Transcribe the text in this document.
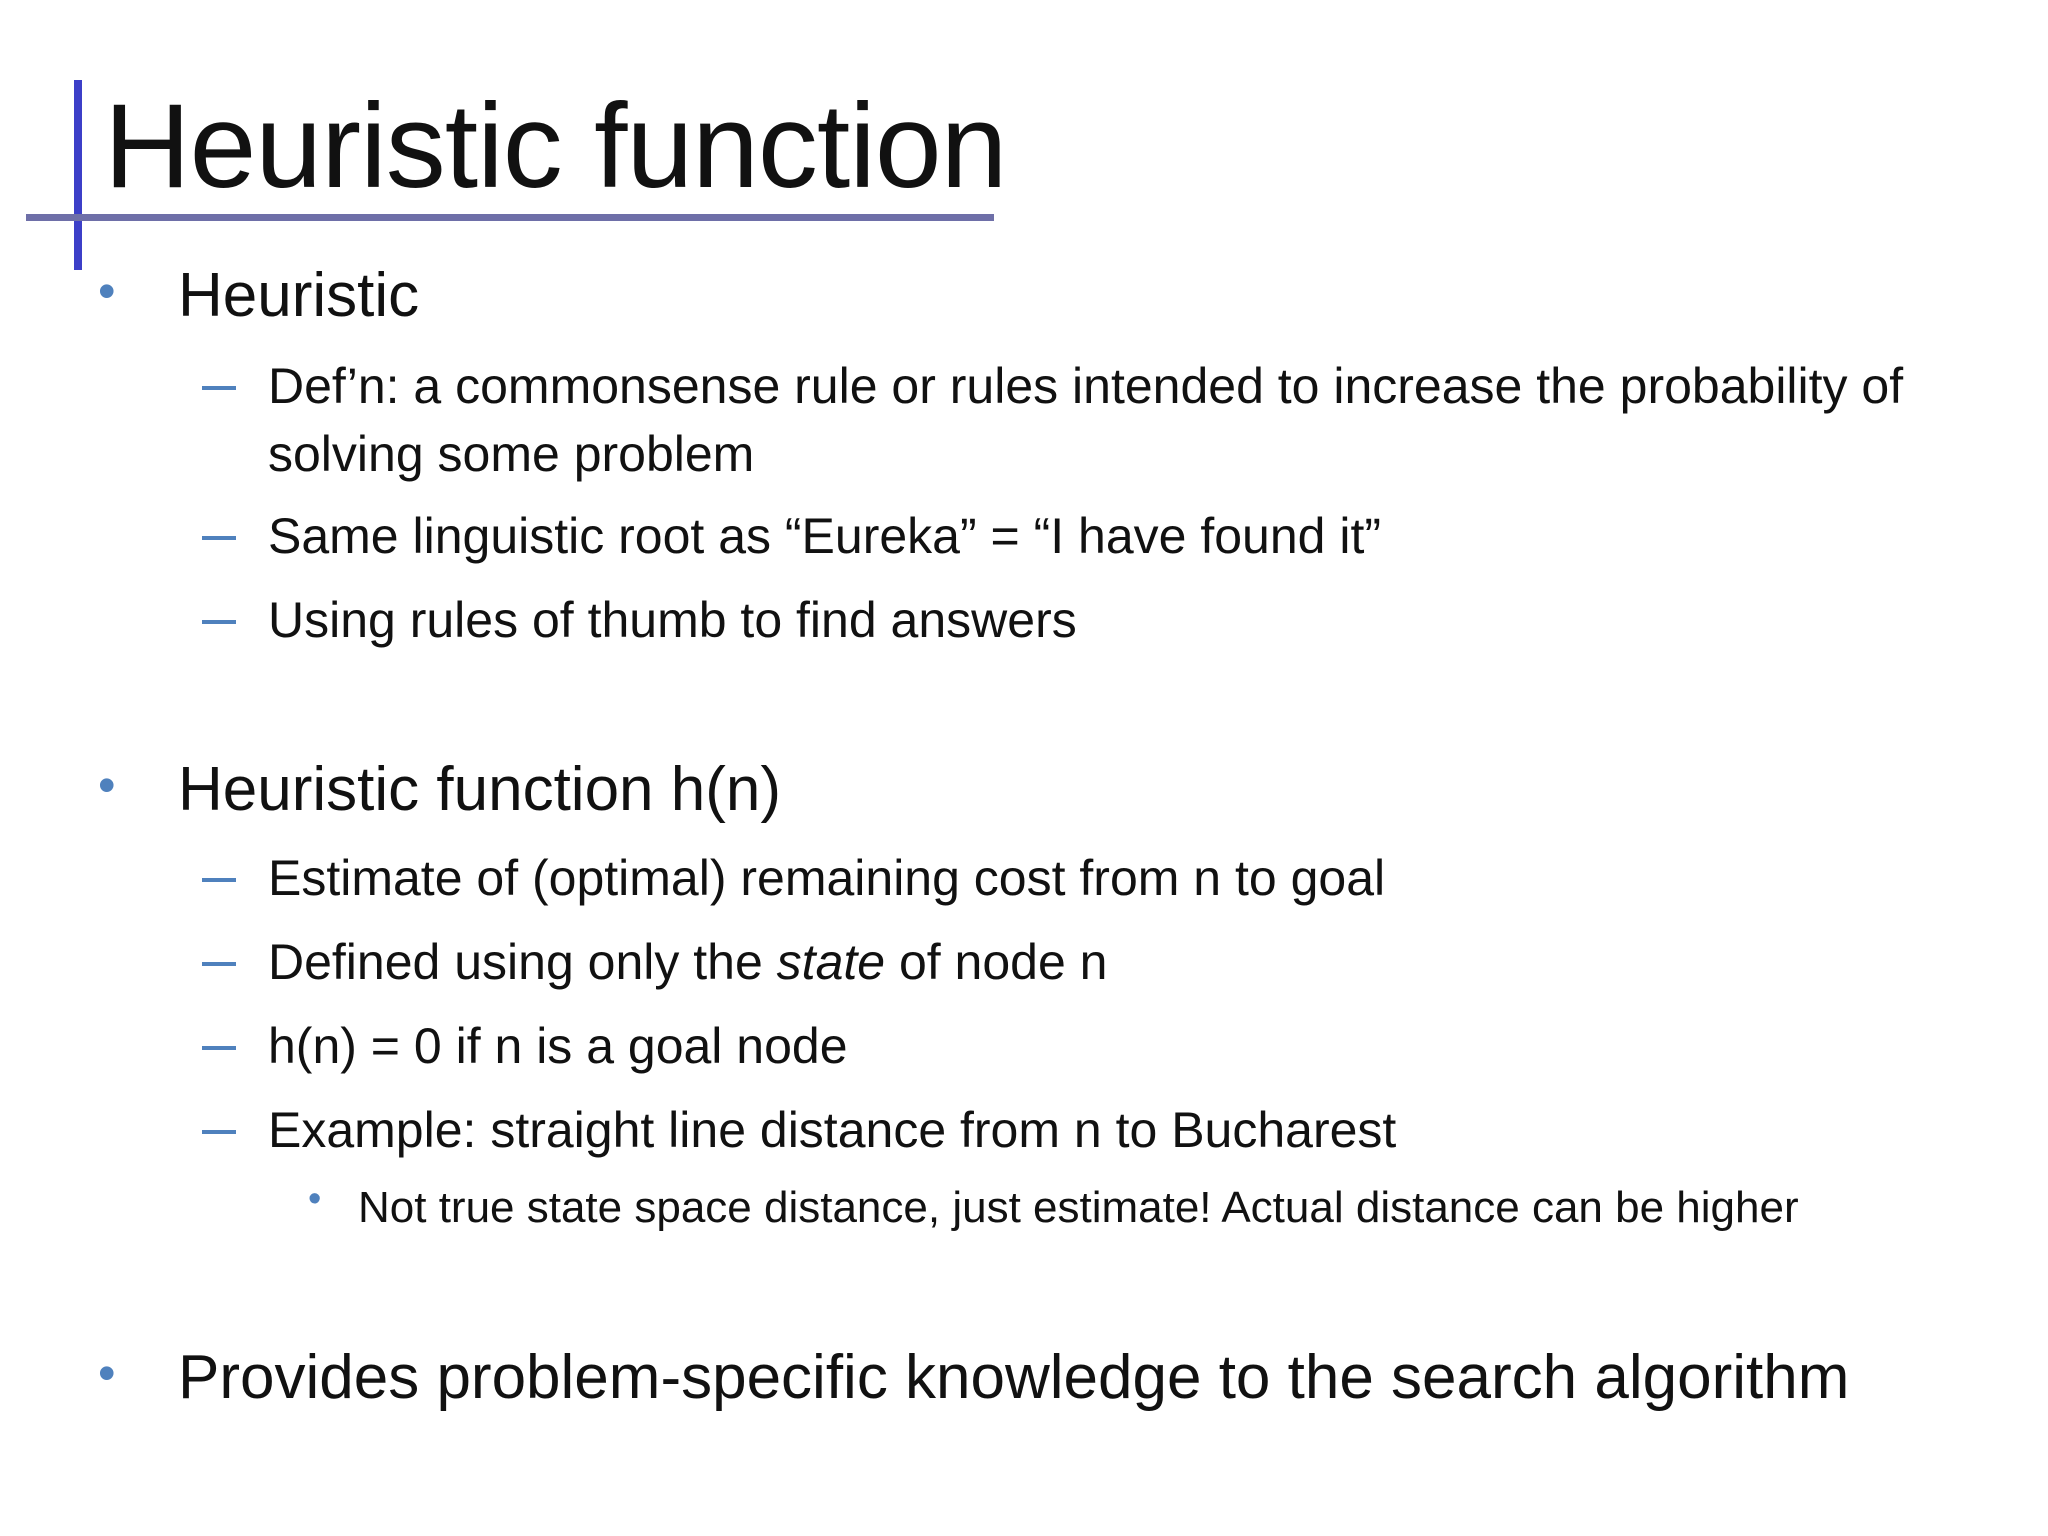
Heuristic function
• Heuristic
Def’n: a commonsense rule or rules intended to increase the probability of
solving some problem
Same linguistic root as “Eureka” = “I have found it”
Using rules of thumb to find answers
• Heuristic function h(n)
Estimate of (optimal) remaining cost from n to goal
Defined using only the state of node n
h(n) = 0 if n is a goal node
Example: straight line distance from n to Bucharest
• Not true state space distance, just estimate! Actual distance can be higher
• Provides problem-specific knowledge to the search algorithm
